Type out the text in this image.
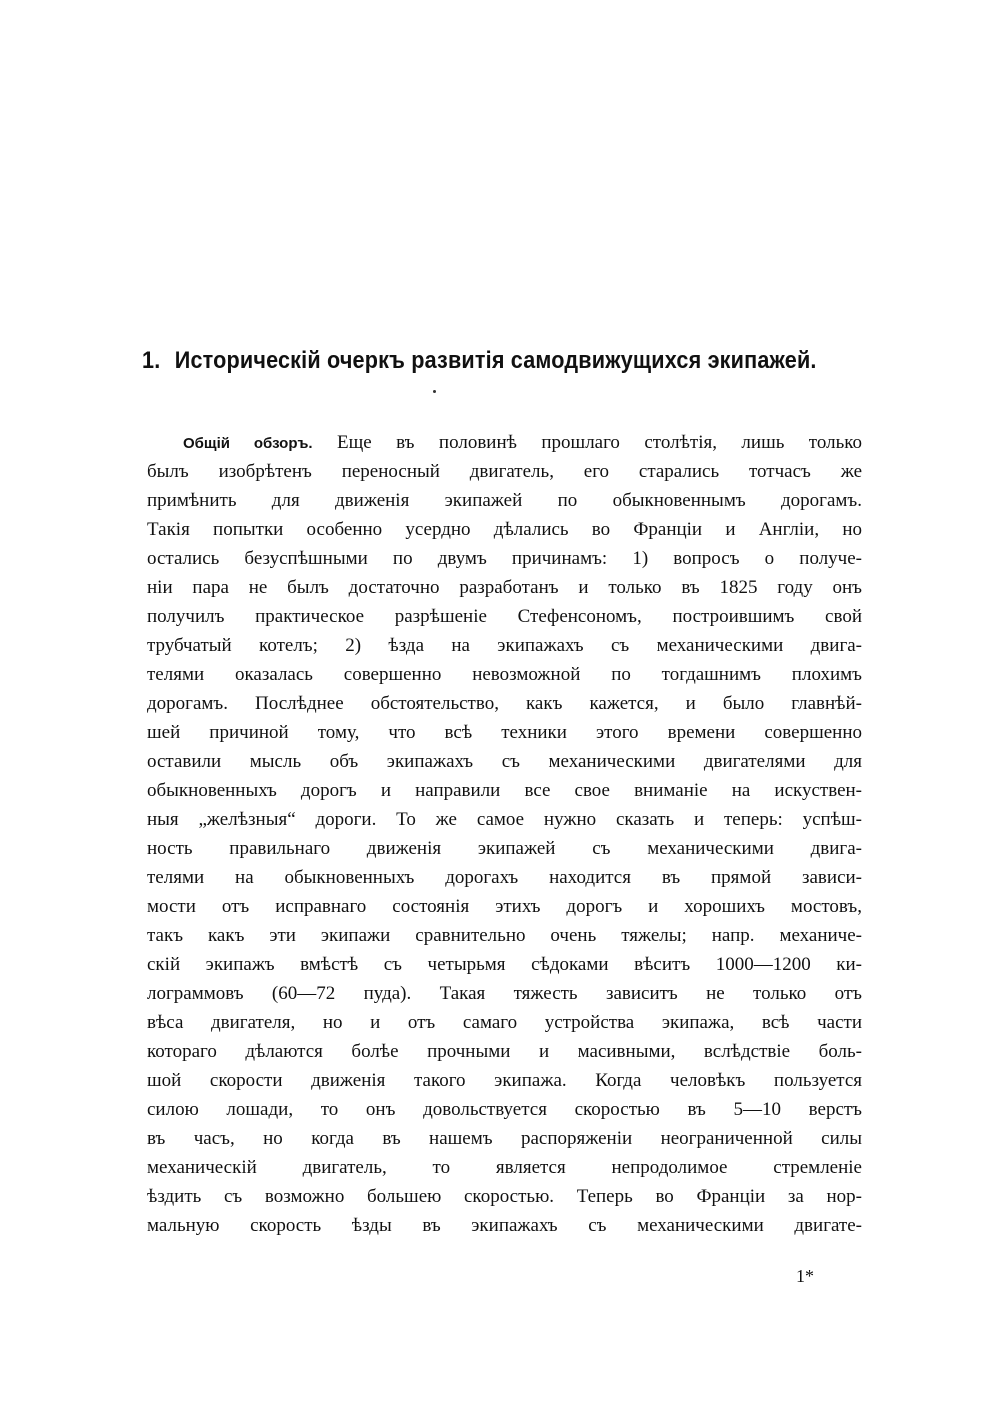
1. Историческій очеркъ развитія самодвижущихся экипажей.
Общій обзоръ. Еще въ половинѣ прошлаго столѣтія, лишь только
былъ изобрѣтенъ переносный двигатель, его старались тотчасъ же
примѣнить для движенія экипажей по обыкновеннымъ дорогамъ.
Такія попытки особенно усердно дѣлались во Франціи и Англіи, но
остались безуспѣшными по двумъ причинамъ: 1) вопросъ о получе-
ніи пара не былъ достаточно разработанъ и только въ 1825 году онъ
получилъ практическое разрѣшеніе Стефенсономъ, построившимъ свой
трубчатый котелъ; 2) ѣзда на экипажахъ съ механическими двига-
телями оказалась совершенно невозможной по тогдашнимъ плохимъ
дорогамъ. Послѣднее обстоятельство, какъ кажется, и было главнѣй-
шей причиной тому, что всѣ техники этого времени совершенно
оставили мысль объ экипажахъ съ механическими двигателями для
обыкновенныхъ дорогъ и направили все свое вниманіе на искуствен-
ныя „желѣзныя“ дороги. То же самое нужно сказать и теперь: успѣш-
ность правильнаго движенія экипажей съ механическими двига-
телями на обыкновенныхъ дорогахъ находится въ прямой зависи-
мости отъ исправнаго состоянія этихъ дорогъ и хорошихъ мостовъ,
такъ какъ эти экипажи сравнительно очень тяжелы; напр. механиче-
скій экипажъ вмѣстѣ съ четырьмя сѣдоками вѣситъ 1000—1200 ки-
лограммовъ (60—72 пуда). Такая тяжесть зависитъ не только отъ
вѣса двигателя, но и отъ самаго устройства экипажа, всѣ части
котораго дѣлаются болѣе прочными и масивными, вслѣдствіе боль-
шой скорости движенія такого экипажа. Когда человѣкъ пользуется
силою лошади, то онъ довольствуется скоростью въ 5—10 верстъ
въ часъ, но когда въ нашемъ распоряженіи неограниченной силы
механическій двигатель, то является непродолимое стремленіе
ѣздить съ возможно большею скоростью. Теперь во Франціи за нор-
мальную скорость ѣзды въ экипажахъ съ механическими двигате-
1*
